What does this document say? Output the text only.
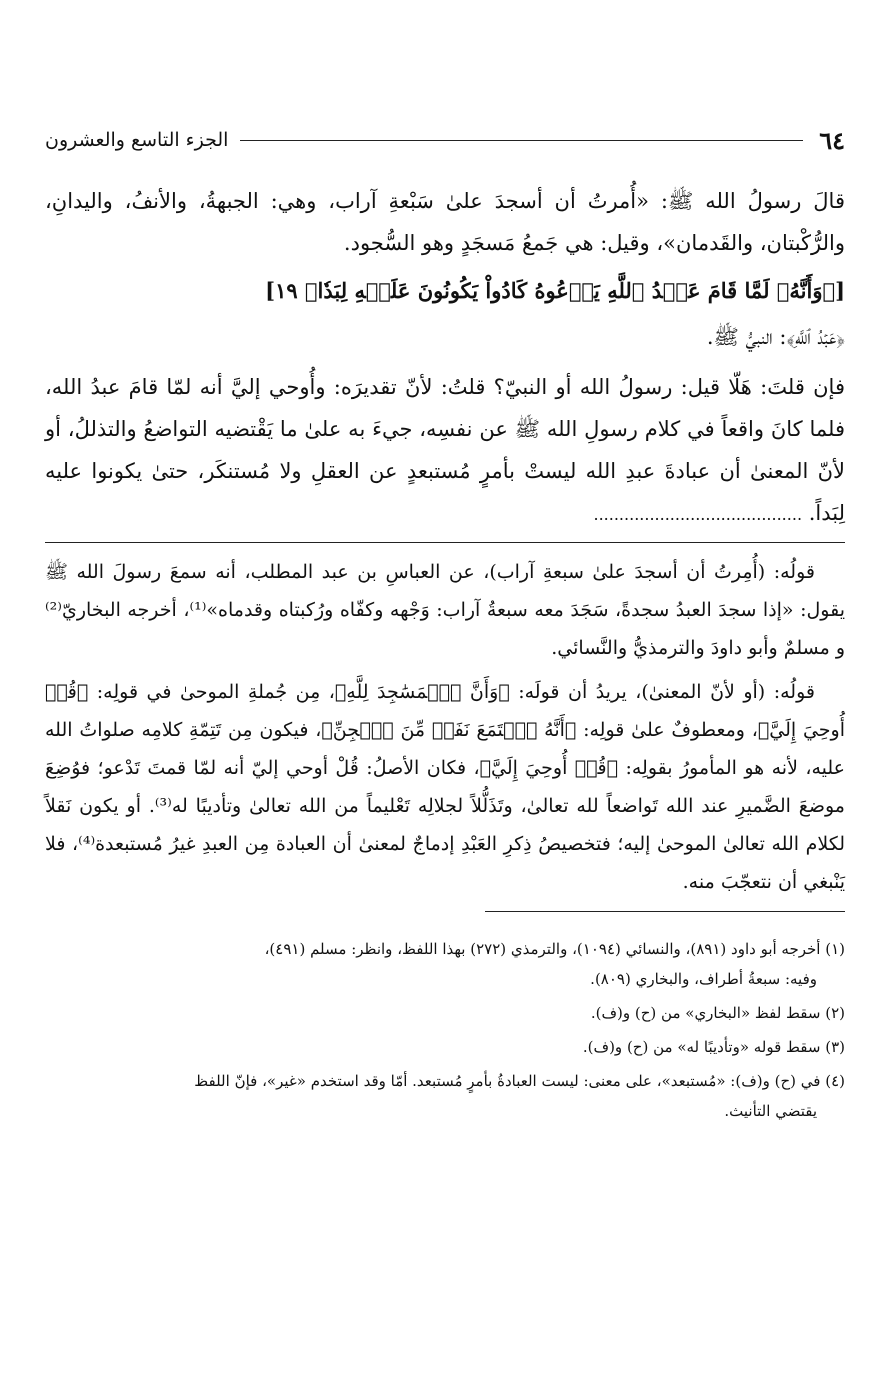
٦٤
الجزء التاسع والعشرون

قالَ رسولُ الله ﷺ: «أُمرتُ أن أسجدَ علىٰ سَبْعةِ آراب، وهي: الجبهةُ، والأنفُ، واليدانِ، والرُّكْبتان، والقَدمان»، وقيل: هي جَمعُ مَسجَدٍ وهو السُّجود.

[﴿وَأَنَّهُۥ لَمَّا قَامَ عَبۡدُ ٱللَّهِ يَدۡعُوهُ كَادُواْ يَكُونُونَ عَلَيۡهِ لِبَدٗا﴾ ١٩]

﴿عَبۡدُ ٱللَّهِ﴾: النبيُّ ﷺ.

فإن قلتَ: هَلّا قيل: رسولُ الله أو النبيّ؟ قلتُ: لأنّ تقديرَه: وأُوحي إليَّ أنه لمّا قامَ عبدُ الله، فلما كانَ واقعاً في كلام رسولِ الله ﷺ عن نفسِه، جيءَ به علىٰ ما يَقْتضيه التواضعُ والتذللُ، أو لأنّ المعنىٰ أن عبادةَ عبدِ الله ليستْ بأمرٍ مُستبعدٍ عن العقلِ ولا مُستنكَر، حتىٰ يكونوا عليه لِبَداً. .........................................

قولُه: (أُمِرتُ أن أسجدَ علىٰ سبعةِ آراب)، عن العباسِ بن عبد المطلب، أنه سمعَ رسولَ الله ﷺ يقول: «إذا سجدَ العبدُ سجدةً، سَجَدَ معه سبعةُ آراب: وَجْهه وكفّاه ورُكبتاه وقدماه»⁽¹⁾، أخرجه البخاريّ⁽²⁾ و مسلمٌ وأبو داودَ والترمذيُّ والنَّسائي.

قولُه: (أو لأنّ المعنىٰ)، يريدُ أن قولَه: ﴿وَأَنَّ ٱلۡمَسَٰجِدَ لِلَّهِ﴾، مِن جُملةِ الموحىٰ في قولِه: ﴿قُلۡ أُوحِيَ إِلَيَّ﴾، ومعطوفٌ علىٰ قولِه: ﴿أَنَّهُ ٱسۡتَمَعَ نَفَرٞ مِّنَ ٱلۡجِنِّ﴾، فيكون مِن تَتِمّةِ كلامِه صلواتُ الله عليه، لأنه هو المأمورُ بقولِه: ﴿قُلۡ أُوحِيَ إِلَيَّ﴾، فكان الأصلُ: قُلْ أوحي إليّ أنه لمّا قمتَ تَدْعو؛ فوُضِعَ موضعَ الضَّميرِ عند الله تَواضعاً لله تعالىٰ، وتَذَلُّلاً لجلالِه تَعْليماً من الله تعالىٰ وتأديبًا له⁽³⁾. أو يكون نَقلاً لكلام الله تعالىٰ الموحىٰ إليه؛ فتخصيصُ ذِكرِ العَبْدِ إدماجٌ لمعنىٰ أن العبادة مِن العبدِ غيرُ مُستبعدة⁽⁴⁾، فلا يَنْبغي أن نتعجّبَ منه.

(١) أخرجه أبو داود (٨٩١)، والنسائي (١٠٩٤)، والترمذي (٢٧٢) بهذا اللفظ، وانظر: مسلم (٤٩١)،
وفيه: سبعةُ أطراف، والبخاري (٨٠٩).
(٢) سقط لفظ «البخاري» من (ح) و(ف).
(٣) سقط قوله «وتأديبًا له» من (ح) و(ف).
(٤) في (ح) و(ف): «مُستبعد»، على معنى: ليست العبادةُ بأمرٍ مُستبعد. أمّا وقد استخدم «غير»، فإنّ اللفظ
يقتضي التأنيث.
